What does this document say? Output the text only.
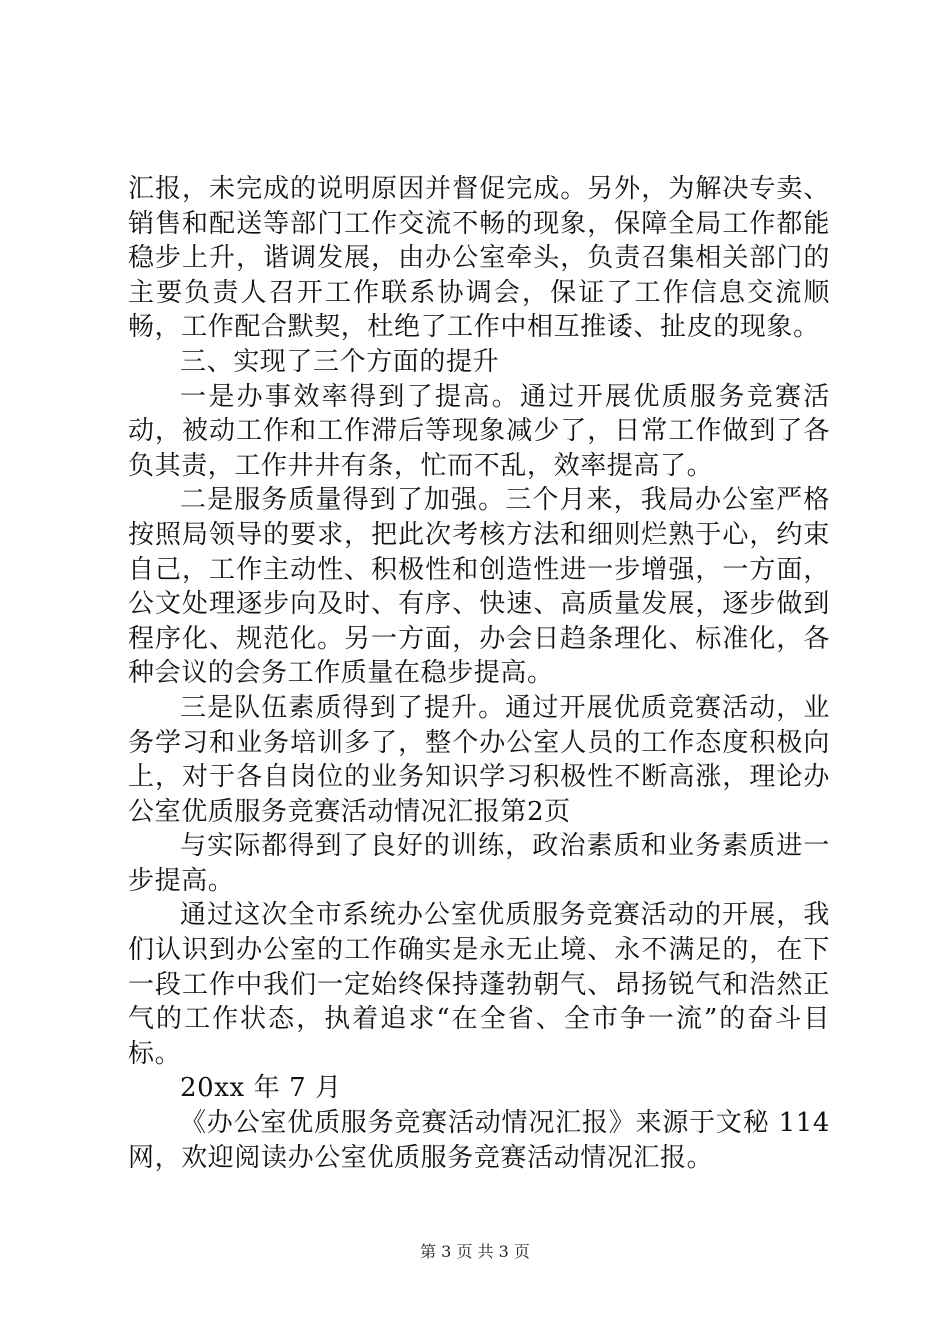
汇报，未完成的说明原因并督促完成。另外，为解决专卖、销售和配送等部门工作交流不畅的现象，保障全局工作都能稳步上升，谐调发展，由办公室牵头，负责召集相关部门的主要负责人召开工作联系协调会，保证了工作信息交流顺畅，工作配合默契，杜绝了工作中相互推诿、扯皮的现象。

三、实现了三个方面的提升

一是办事效率得到了提高。通过开展优质服务竞赛活动，被动工作和工作滞后等现象减少了，日常工作做到了各负其责，工作井井有条，忙而不乱，效率提高了。

二是服务质量得到了加强。三个月来，我局办公室严格按照局领导的要求，把此次考核方法和细则烂熟于心，约束自己，工作主动性、积极性和创造性进一步增强，一方面，公文处理逐步向及时、有序、快速、高质量发展，逐步做到程序化、规范化。另一方面，办会日趋条理化、标准化，各种会议的会务工作质量在稳步提高。

三是队伍素质得到了提升。通过开展优质竞赛活动，业务学习和业务培训多了，整个办公室人员的工作态度积极向上，对于各自岗位的业务知识学习积极性不断高涨，理论办公室优质服务竞赛活动情况汇报第2页

与实际都得到了良好的训练，政治素质和业务素质进一步提高。

通过这次全市系统办公室优质服务竞赛活动的开展，我们认识到办公室的工作确实是永无止境、永不满足的，在下一段工作中我们一定始终保持蓬勃朝气、昂扬锐气和浩然正气的工作状态，执着追求“在全省、全市争一流”的奋斗目标。

20xx 年 7 月

《办公室优质服务竞赛活动情况汇报》来源于文秘 114 网，欢迎阅读办公室优质服务竞赛活动情况汇报。

第 3 页 共 3 页
